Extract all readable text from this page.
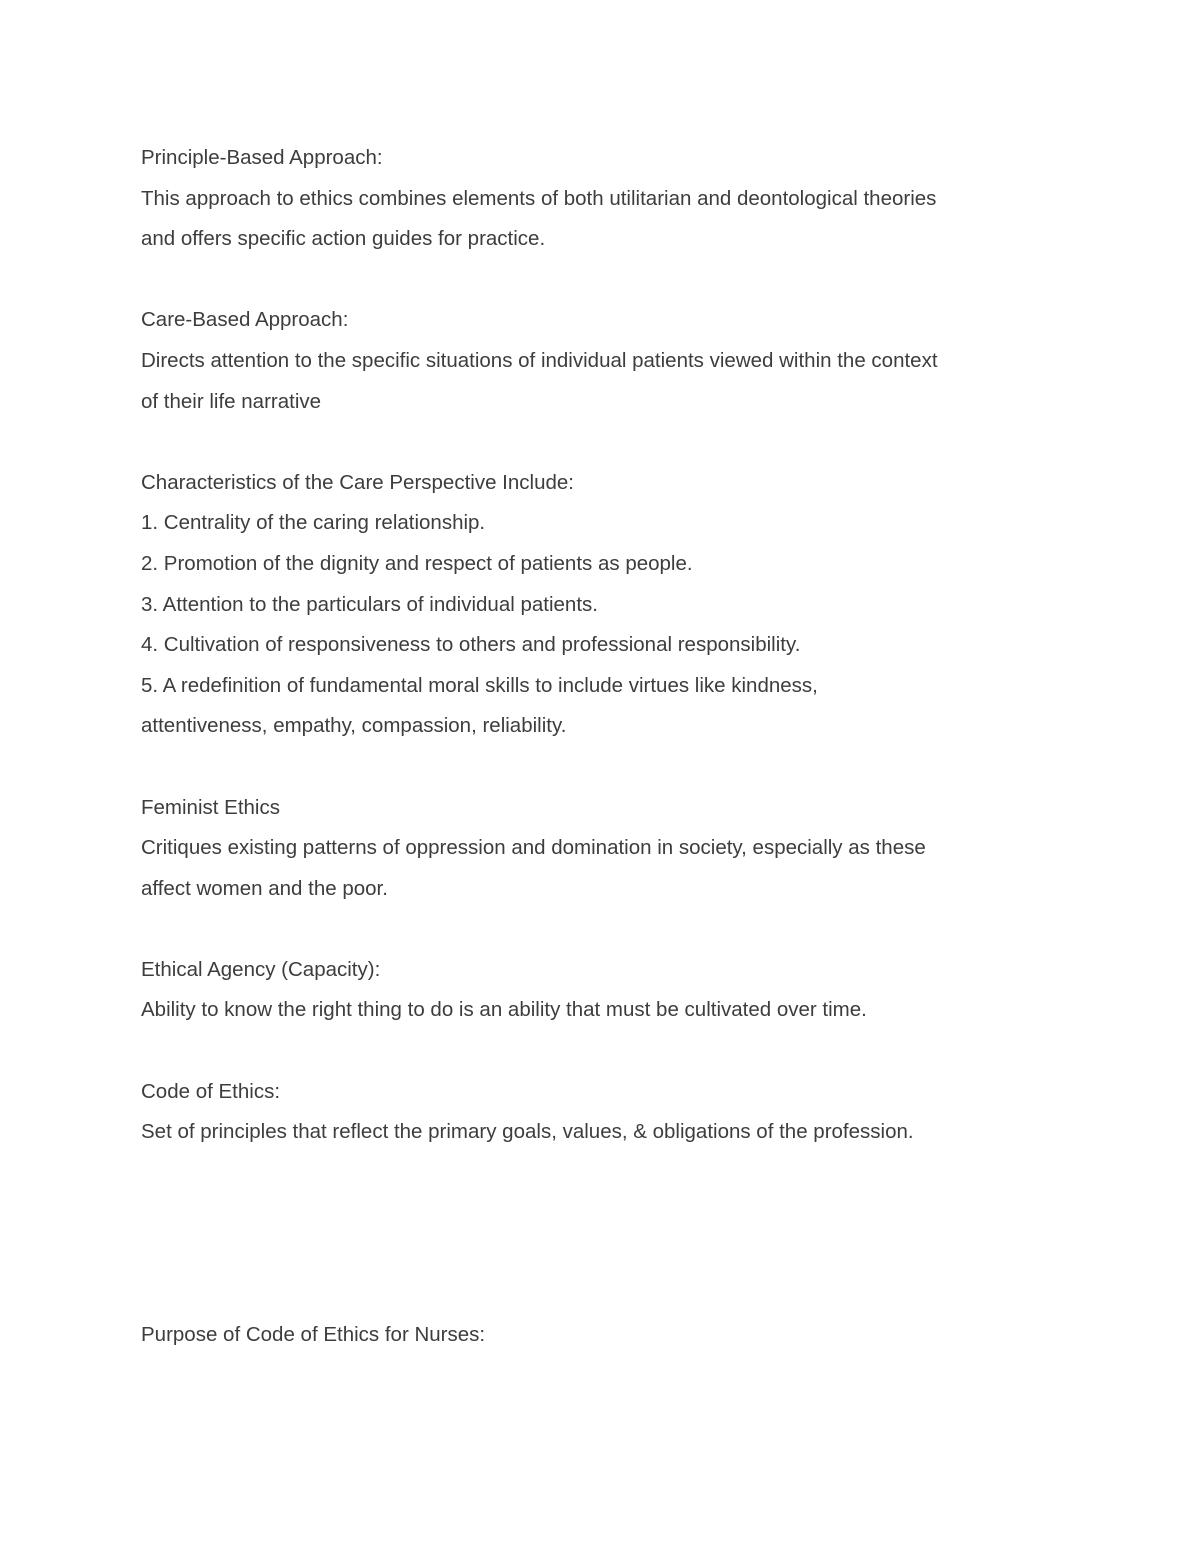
Principle-Based Approach:
This approach to ethics combines elements of both utilitarian and deontological theories
and offers specific action guides for practice.
Care-Based Approach:
Directs attention to the specific situations of individual patients viewed within the context
of their life narrative
Characteristics of the Care Perspective Include:
1. Centrality of the caring relationship.
2. Promotion of the dignity and respect of patients as people.
3. Attention to the particulars of individual patients.
4. Cultivation of responsiveness to others and professional responsibility.
5. A redefinition of fundamental moral skills to include virtues like kindness,
attentiveness, empathy, compassion, reliability.
Feminist Ethics
Critiques existing patterns of oppression and domination in society, especially as these
affect women and the poor.
Ethical Agency (Capacity):
Ability to know the right thing to do is an ability that must be cultivated over time.
Code of Ethics:
Set of principles that reflect the primary goals, values, & obligations of the profession.
Purpose of Code of Ethics for Nurses:
